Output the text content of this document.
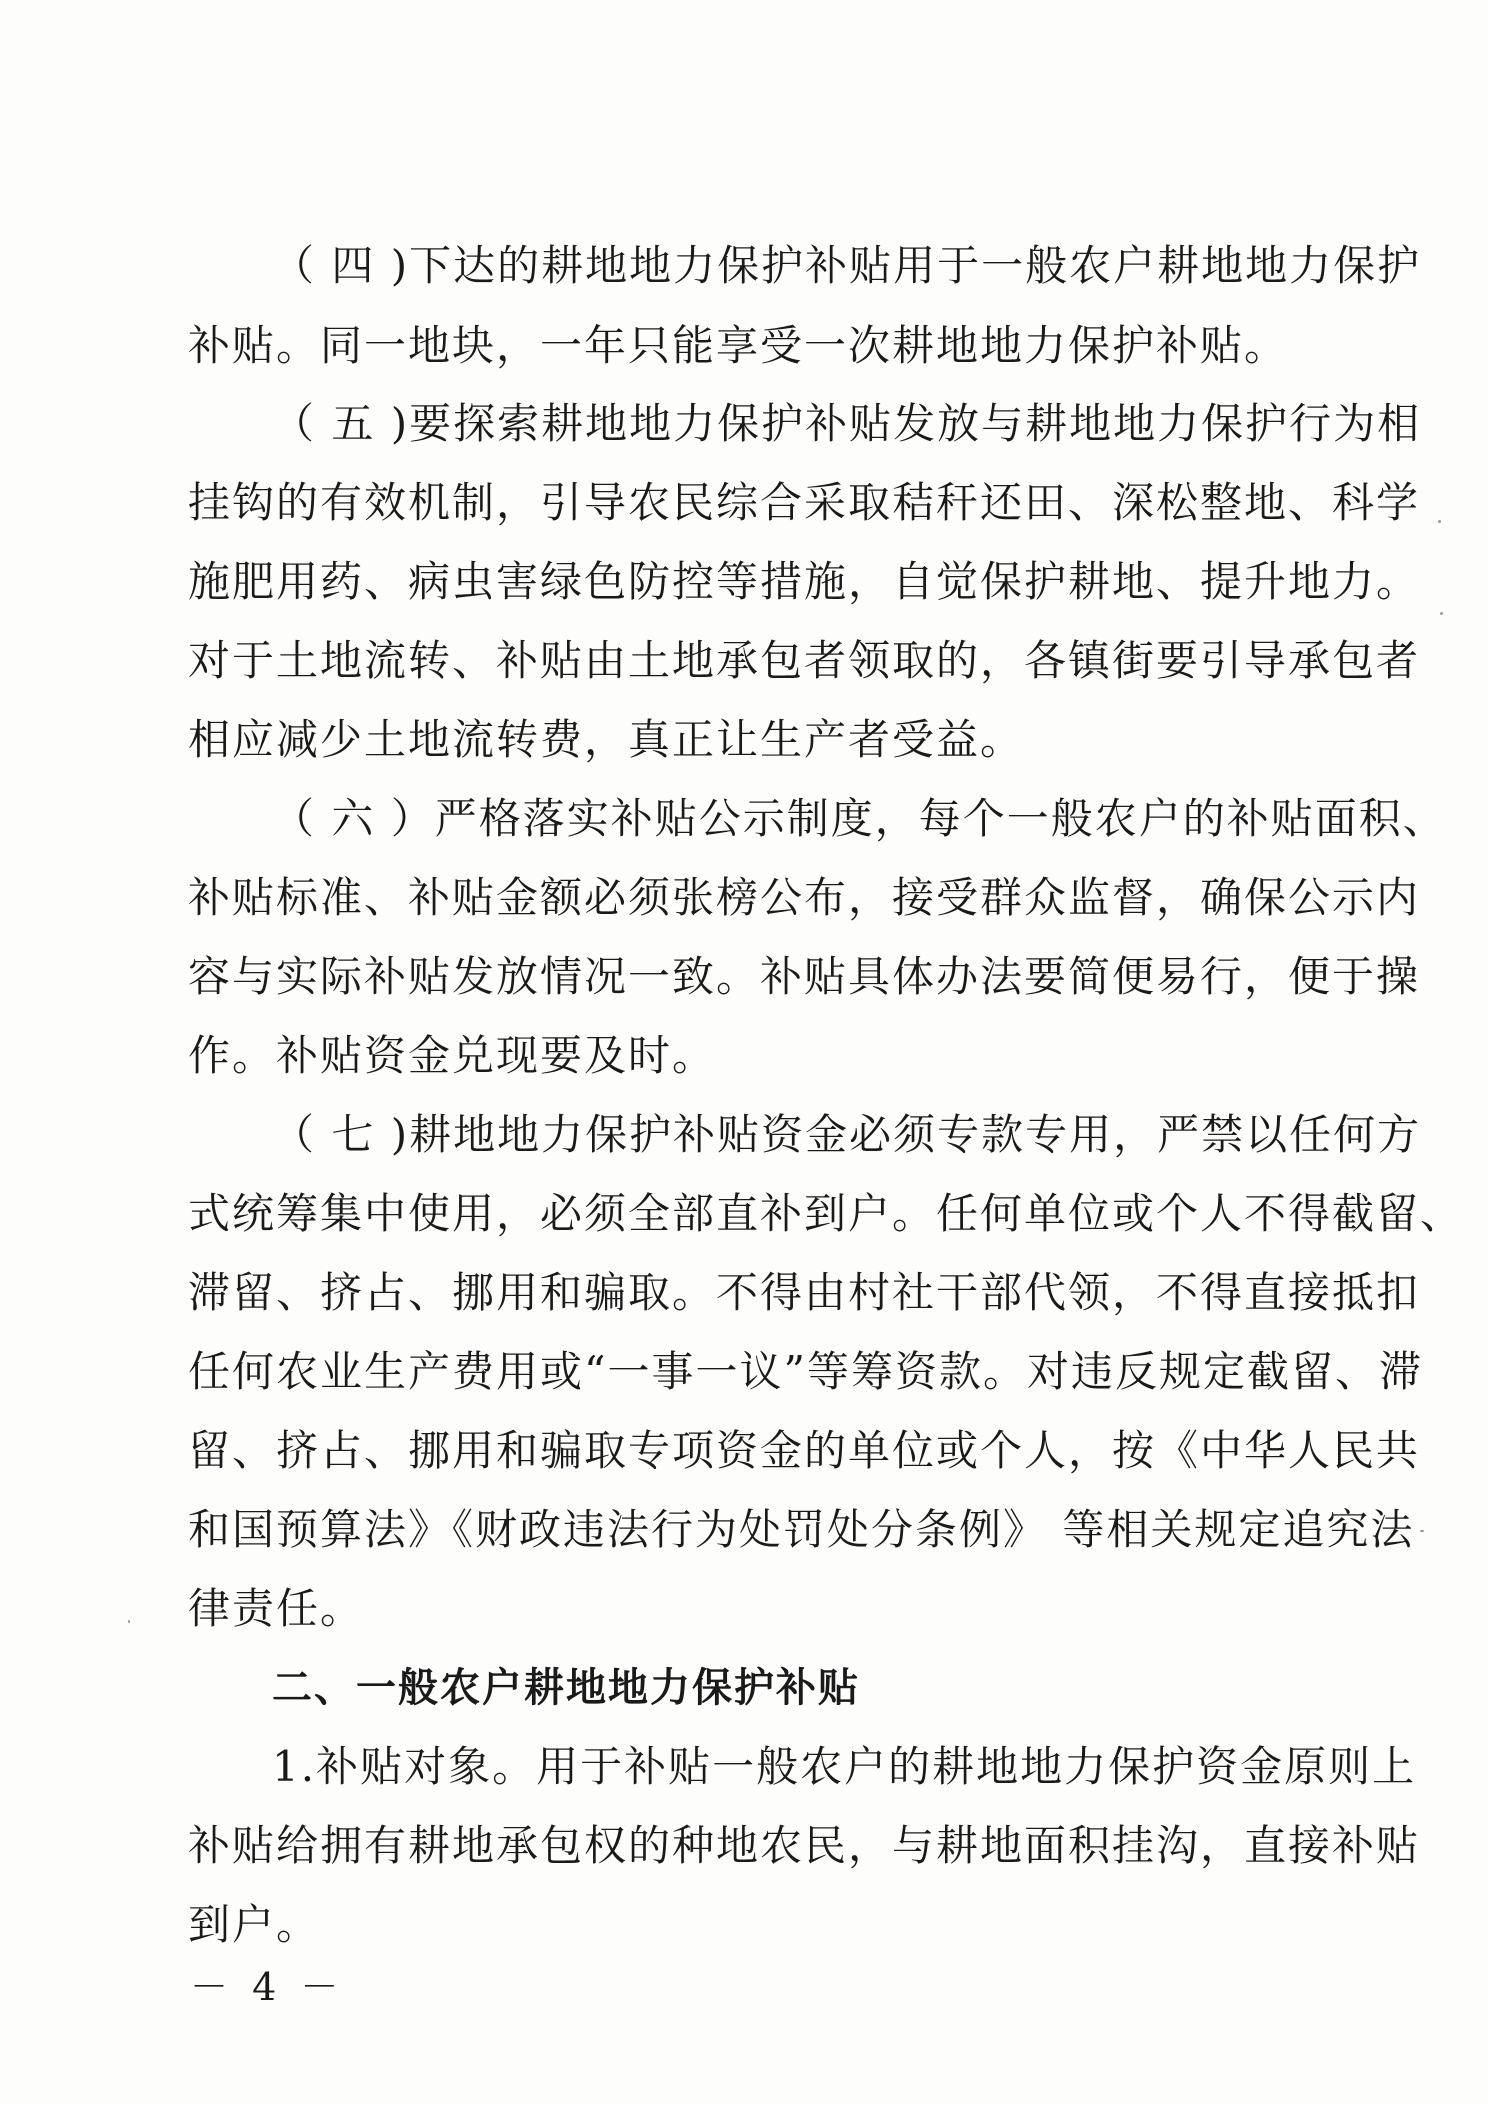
（ 四 )下达的耕地地力保护补贴用于一般农户耕地地力保护
补贴。同一地块，一年只能享受一次耕地地力保护补贴。
（ 五 )要探索耕地地力保护补贴发放与耕地地力保护行为相
挂钩的有效机制，引导农民综合采取秸秆还田、深松整地、科学
施肥用药、病虫害绿色防控等措施，自觉保护耕地、提升地力。
对于土地流转、补贴由土地承包者领取的，各镇街要引导承包者
相应减少土地流转费，真正让生产者受益。
（ 六 ）严格落实补贴公示制度，每个一般农户的补贴面积、
补贴标准、补贴金额必须张榜公布，接受群众监督，确保公示内
容与实际补贴发放情况一致。补贴具体办法要简便易行，便于操
作。补贴资金兑现要及时。
（ 七 )耕地地力保护补贴资金必须专款专用，严禁以任何方
式统筹集中使用，必须全部直补到户。任何单位或个人不得截留、
滞留、挤占、挪用和骗取。不得由村社干部代领，不得直接抵扣
任何农业生产费用或“一事一议”等筹资款。对违反规定截留、滞
留、挤占、挪用和骗取专项资金的单位或个人，按《中华人民共
和国预算法》《财政违法行为处罚处分条例》 等相关规定追究法
律责任。
二、一般农户耕地地力保护补贴
1.补贴对象。用于补贴一般农户的耕地地力保护资金原则上
补贴给拥有耕地承包权的种地农民，与耕地面积挂沟，直接补贴
到户。
－ 4 －
